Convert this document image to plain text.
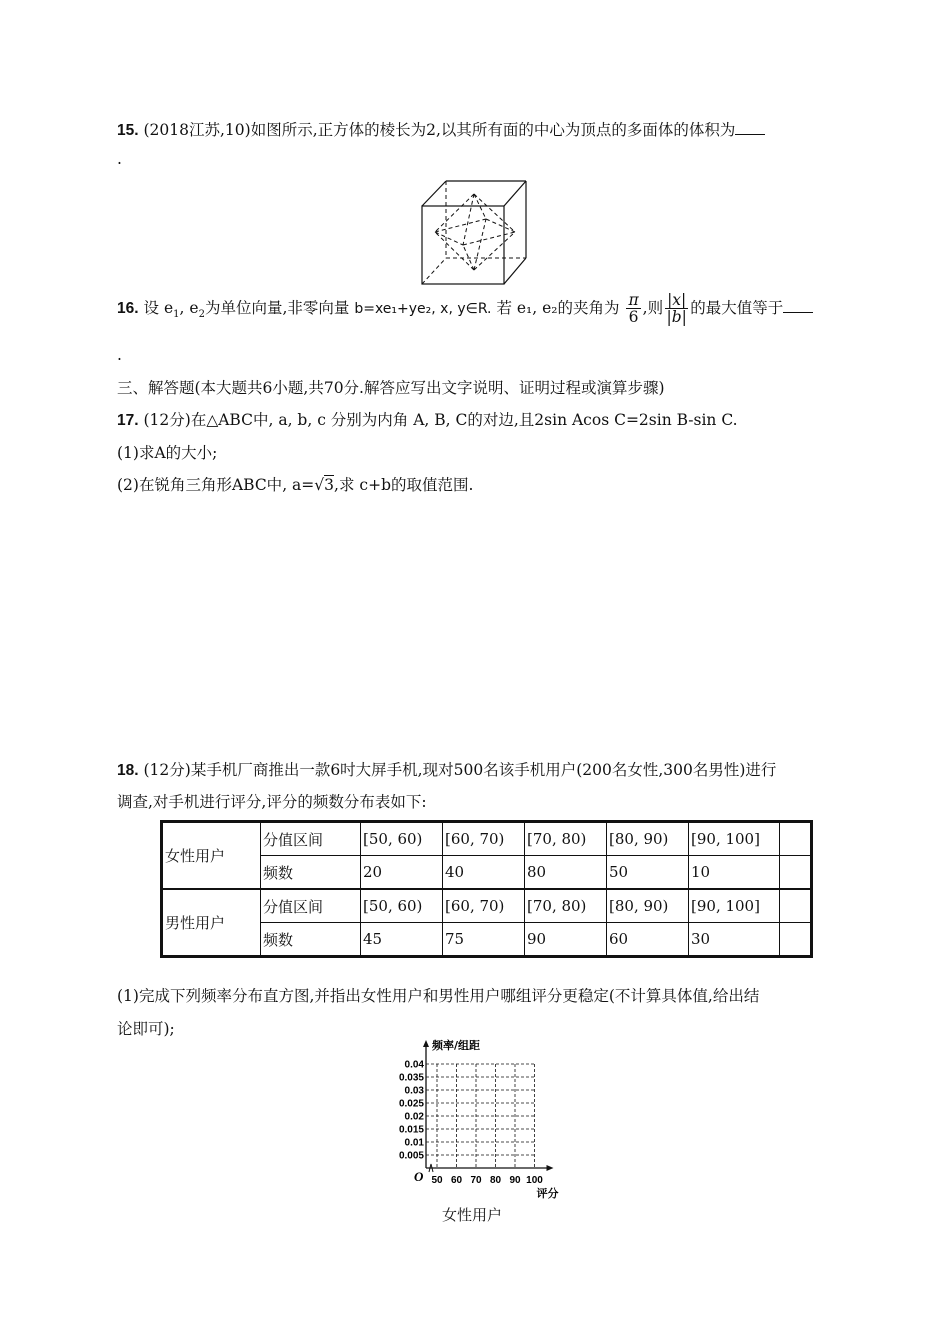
15. (2018江苏,10)如图所示,正方体的棱长为2,以其所有面的中心为顶点的多面体的体积为
.
16. 设 $e_1$, $e_2$为单位向量,非零向量 b=xe₁+ye₂, x, y∈R. 若 e₁, e₂的夹角为 $\frac{\pi}{6}$ ,则 $\frac{|x|}{|b|}$ 的最大值等于
.
三、解答题(本大题共6小题,共70分.解答应写出文字说明、证明过程或演算步骤)
17. (12分)在△ABC中, a, b, c 分别为内角 A, B, C的对边,且2sin Acos C=2sin B-sin C.
(1)求A的大小;
(2)在锐角三角形ABC中, a=√3,求 c+b的取值范围.
18. (12分)某手机厂商推出一款6吋大屏手机,现对500名该手机用户(200名女性,300名男性)进行
调查,对手机进行评分,评分的频数分布表如下:
女性用户	分值区间	[50, 60)	[60, 70)	[70, 80)	[80, 90)	[90, 100]	
	频数	20	40	80	50	10	
男性用户	分值区间	[50, 60)	[60, 70)	[70, 80)	[80, 90)	[90, 100]	
	频数	45	75	90	60	30	
(1)完成下列频率分布直方图,并指出女性用户和男性用户哪组评分更稳定(不计算具体值,给出结
论即可);
0.005
0.01
0.015
0.02
0.025
0.03
0.035
0.04
50 60 70 80 90 100
频率/组距
评分
O
女性用户
